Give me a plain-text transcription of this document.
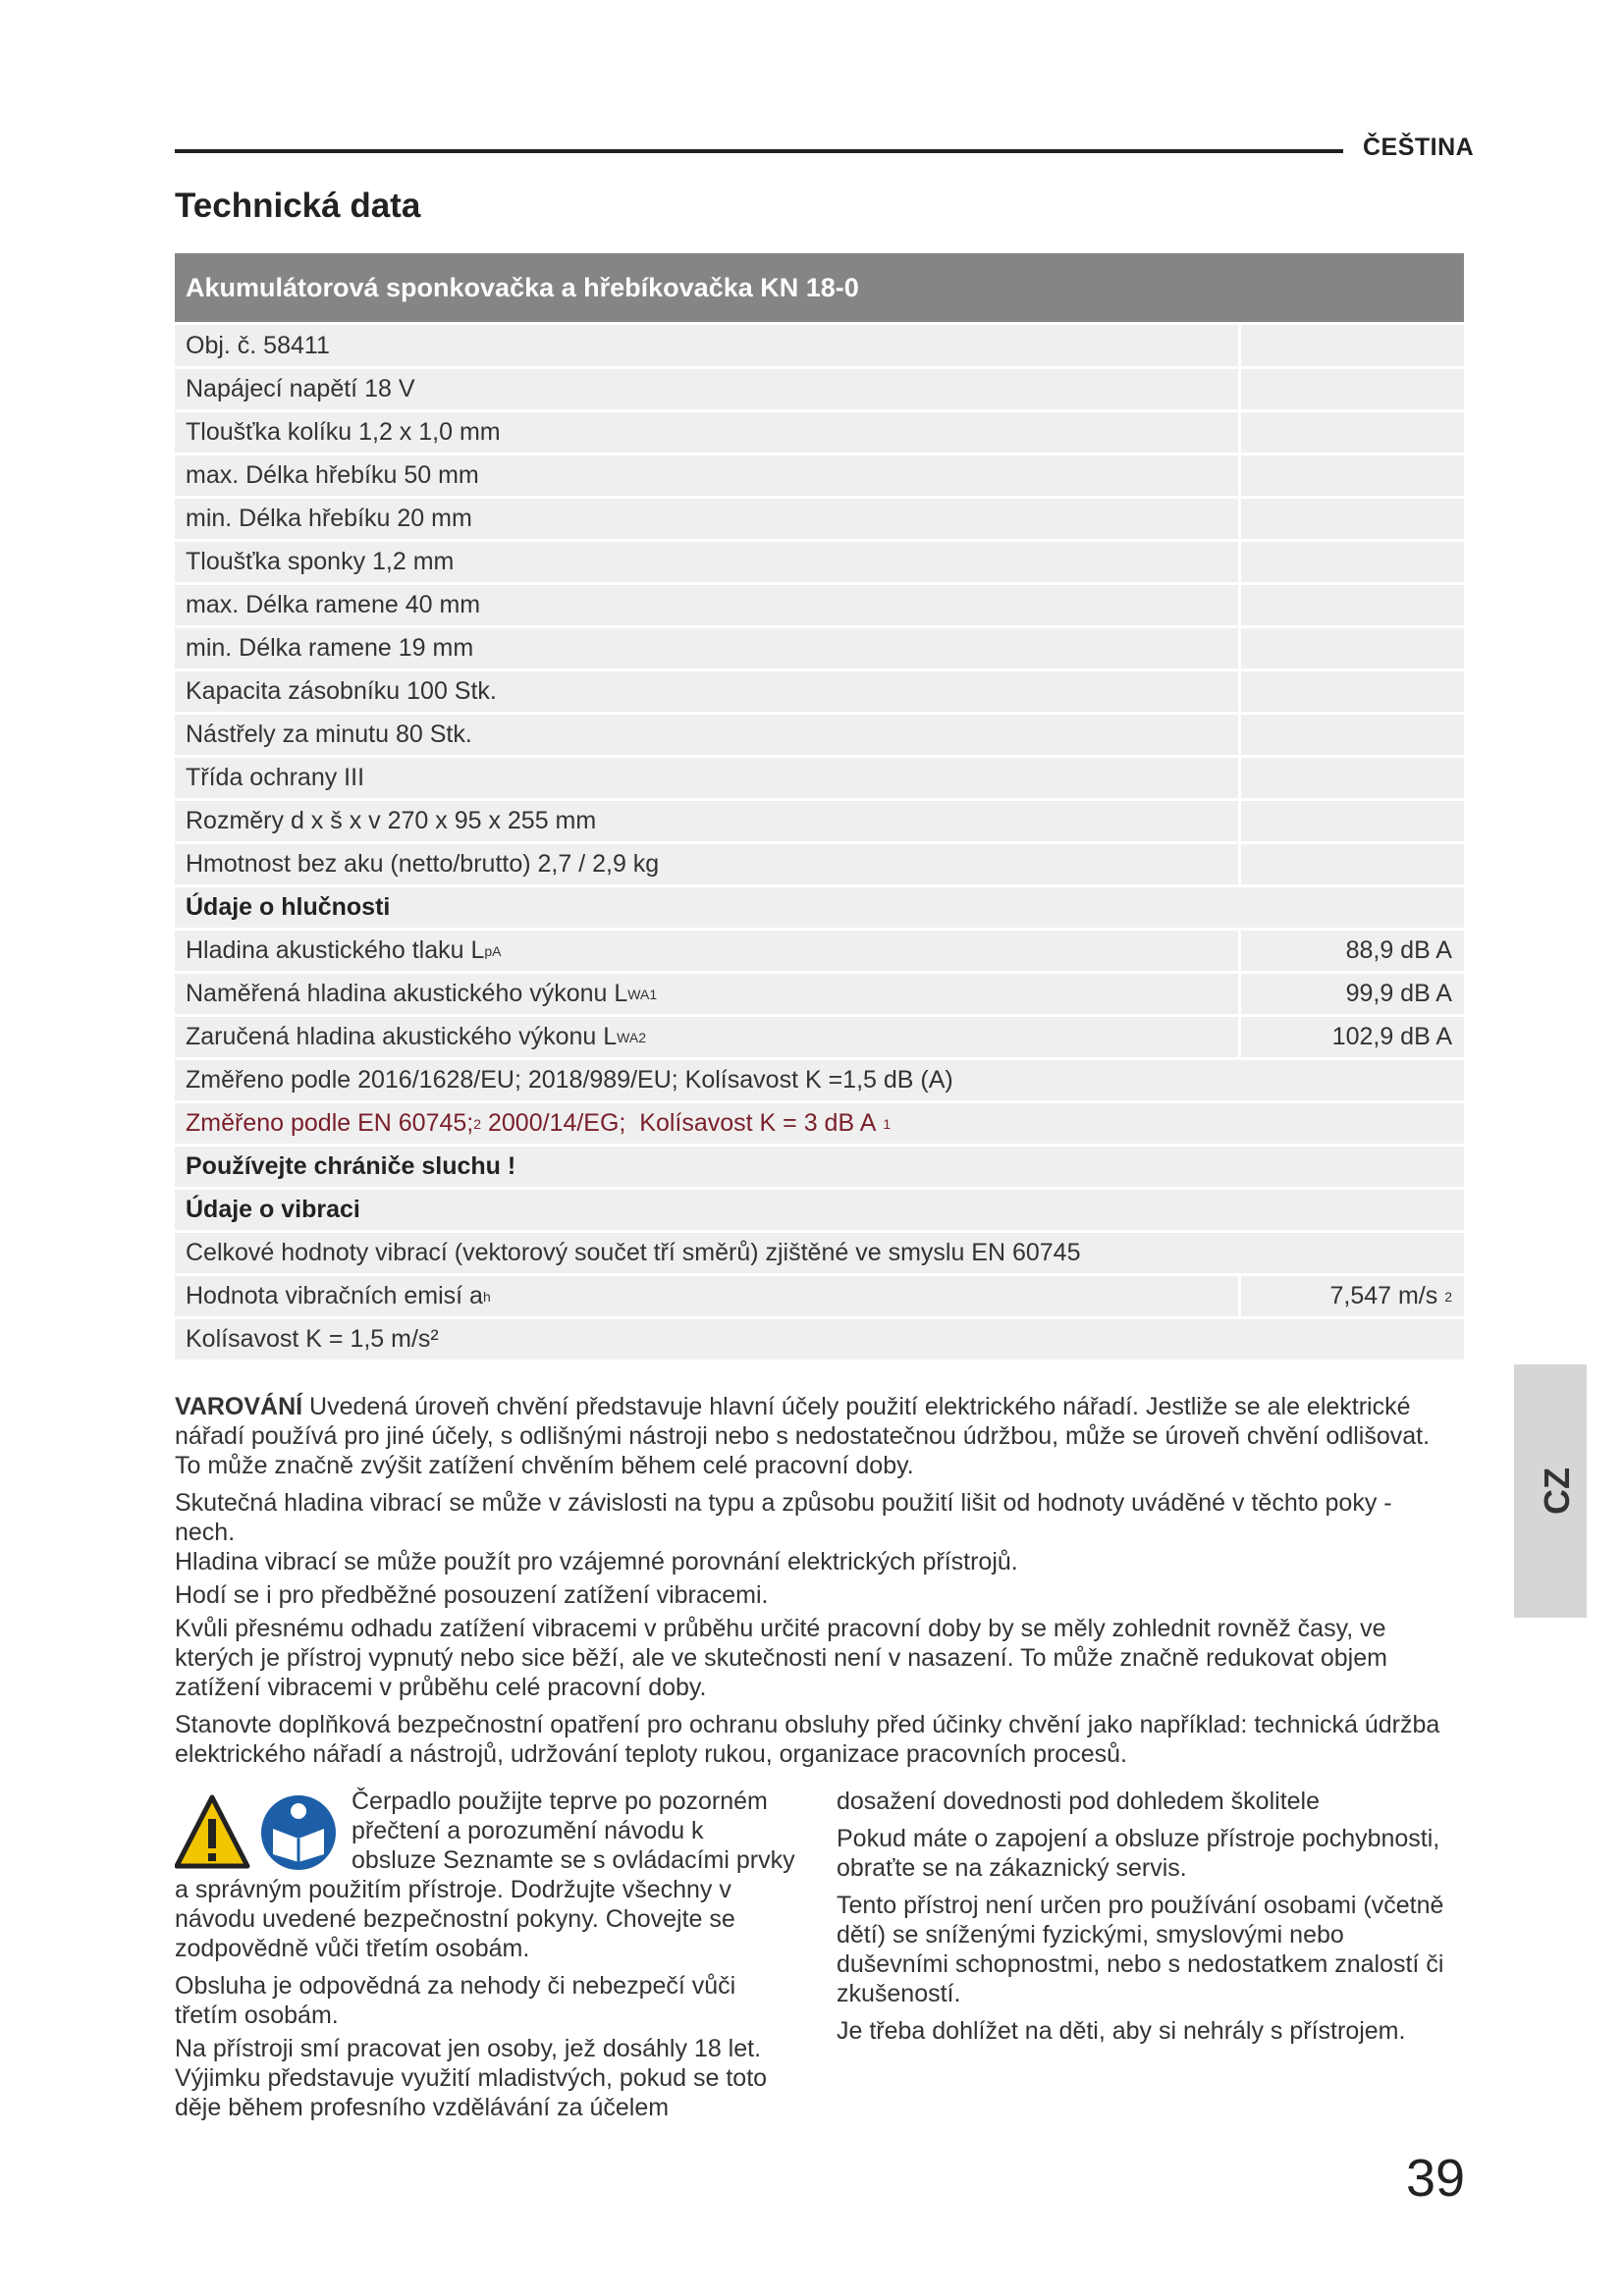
ČEŠTINA
Technická data
Akumulátorová sponkovačka a hřebíkovačka KN 18-0
Obj. č. 58411
Napájecí napětí 18 V
Tloušťka kolíku 1,2 x 1,0 mm
max. Délka hřebíku 50 mm
min. Délka hřebíku 20 mm
Tloušťka sponky 1,2 mm
max. Délka ramene 40 mm
min. Délka ramene 19 mm
Kapacita zásobníku 100 Stk.
Nástřely za minutu 80 Stk.
Třída ochrany III
Rozměry d x š x v 270 x 95 x 255 mm
Hmotnost bez aku (netto/brutto) 2,7 / 2,9 kg
Údaje o hlučnosti
Hladina akustického tlaku L pA	88,9 dB A
Naměřená hladina akustického výkonu L WA 1	99,9 dB A
Zaručená hladina akustického výkonu L WA 2	102,9 dB A
Změřeno podle 2016/1628/EU; 2018/989/EU; Kolísavost K =1,5 dB (A)
Změřeno podle EN 60745; 2 2000/14/EG;  Kolísavost K = 3 dB A
1
Používejte chrániče sluchu !
Údaje o vibraci
Celkové hodnoty vibrací (vektorový součet tří směrů) zjištěné ve smyslu EN 60745
Hodnota vibračních emisí a h	7,547 m/s
2
Kolísavost K = 1,5 m/s²

VAROVÁNÍ Uvedená úroveň chvění představuje hlavní účely použití elektrického nářadí. Jestliže se ale elektrické nářadí používá pro jiné účely, s odlišnými nástroji nebo s nedostatečnou údržbou, může se úroveň chvění odlišovat. To může značně zvýšit zatížení chvěním během celé pracovní doby.

Skutečná hladina vibrací se může v závislosti na typu a způsobu použití lišit od hodnoty uváděné v těchto poky - nech.

Hladina vibrací se může použít pro vzájemné porovnání elektrických přístrojů.

Hodí se i pro předběžné posouzení zatížení vibracemi.

Kvůli přesnému odhadu zatížení vibracemi v průběhu určité pracovní doby by se měly zohlednit rovněž časy, ve kterých je přístroj vypnutý nebo sice běží, ale ve skutečnosti není v nasazení. To může značně redukovat objem zatížení vibracemi v průběhu celé pracovní doby.

Stanovte doplňková bezpečnostní opatření pro ochranu obsluhy před účinky chvění jako například: technická údržba elektrického nářadí a nástrojů, udržování teploty rukou, organizace pracovních procesů.

CZ
Čerpadlo použijte teprve po pozorném
přečtení a porozumění návodu k
obsluze Seznamte se s ovládacími prvky

a správným použitím přístroje. Dodržujte všechny v návodu uvedené bezpečnostní pokyny. Chovejte se zodpovědně vůči třetím osobám.

Obsluha je odpovědná za nehody či nebezpečí vůči třetím osobám.

Na přístroji smí pracovat jen osoby, jež dosáhly 18 let. Výjimku představuje využití mladistvých, pokud se toto děje během profesního vzdělávání za účelem

dosažení dovednosti pod dohledem školitele

Pokud máte o zapojení a obsluze přístroje pochybnosti, obraťte se na zákaznický servis.

Tento přístroj není určen pro používání osobami (včetně dětí) se sníženými fyzickými, smyslovými nebo duševními schopnostmi, nebo s nedostatkem znalostí či zkušeností.

Je třeba dohlížet na děti, aby si nehrály s přístrojem.

39
